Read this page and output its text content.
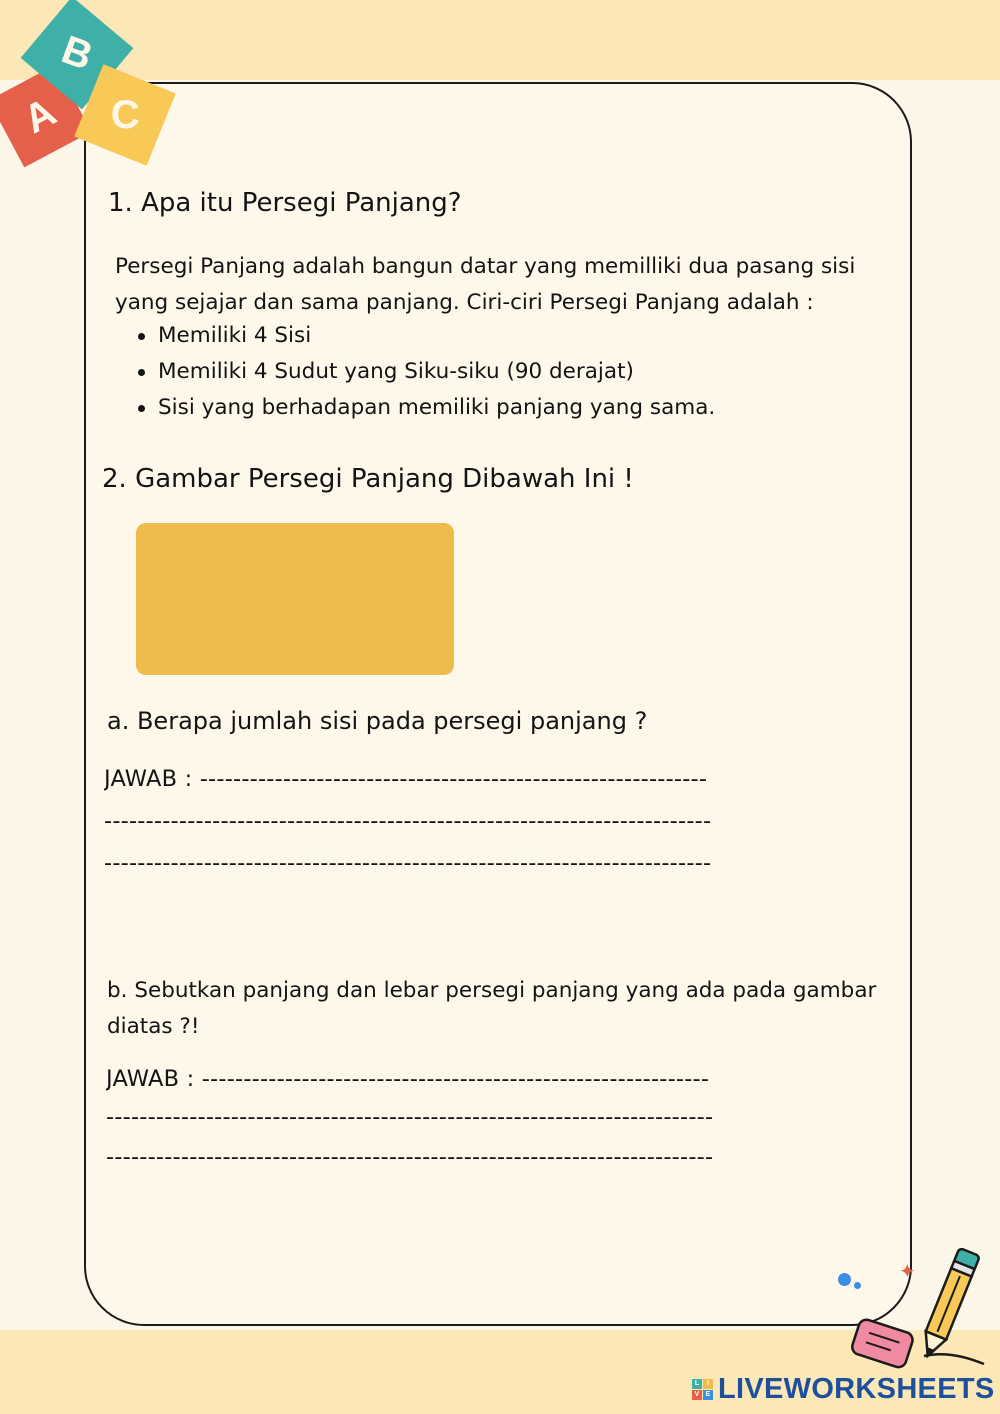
A
B
C
1. Apa itu Persegi Panjang?
Persegi Panjang adalah bangun datar yang memilliki dua pasang sisi yang sejajar dan sama panjang. Ciri-ciri Persegi Panjang adalah :
Memiliki 4 Sisi
Memiliki 4 Sudut yang Siku-siku (90 derajat)
Sisi yang berhadapan memiliki panjang yang sama.
2. Gambar Persegi Panjang Dibawah Ini !
a. Berapa jumlah sisi pada persegi panjang ?
JAWAB : -------------------------------------------------------------
-------------------------------------------------------------------------
-------------------------------------------------------------------------
b. Sebutkan panjang dan lebar persegi panjang yang ada pada gambar diatas ?!
JAWAB : -------------------------------------------------------------
-------------------------------------------------------------------------
-------------------------------------------------------------------------
✦
L	I
V E LIVEWORKSHEETS
